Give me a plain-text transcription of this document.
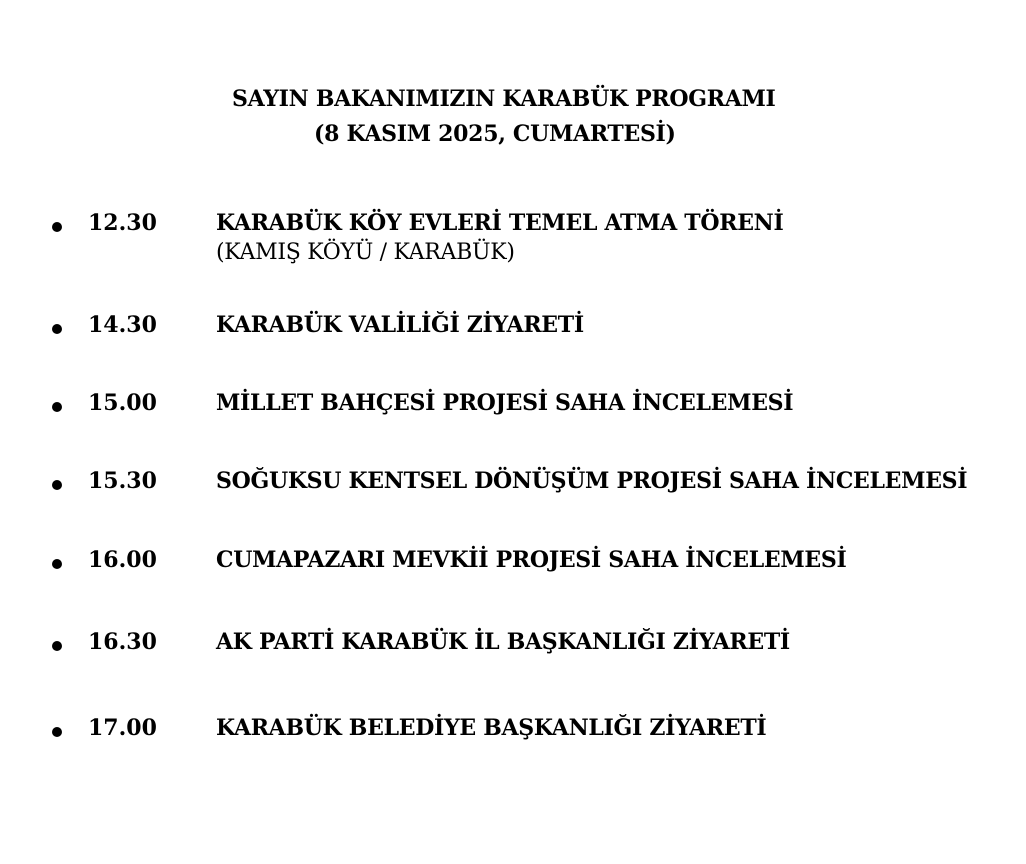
SAYIN BAKANIMIZIN KARABÜK PROGRAMI
(8 KASIM 2025, CUMARTESİ)
12.30	KARABÜK KÖY EVLERİ TEMEL ATMA TÖRENİ
(KAMIŞ KÖYÜ / KARABÜK)
14.30	KARABÜK VALİLİĞİ ZİYARETİ
15.00	MİLLET BAHÇESİ PROJESİ SAHA İNCELEMESİ
15.30	SOĞUKSU KENTSEL DÖNÜŞÜM PROJESİ SAHA İNCELEMESİ
16.00	CUMAPAZARI MEVKİİ PROJESİ SAHA İNCELEMESİ
16.30	AK PARTİ KARABÜK İL BAŞKANLIĞI ZİYARETİ
17.00	KARABÜK BELEDİYE BAŞKANLIĞI ZİYARETİ
